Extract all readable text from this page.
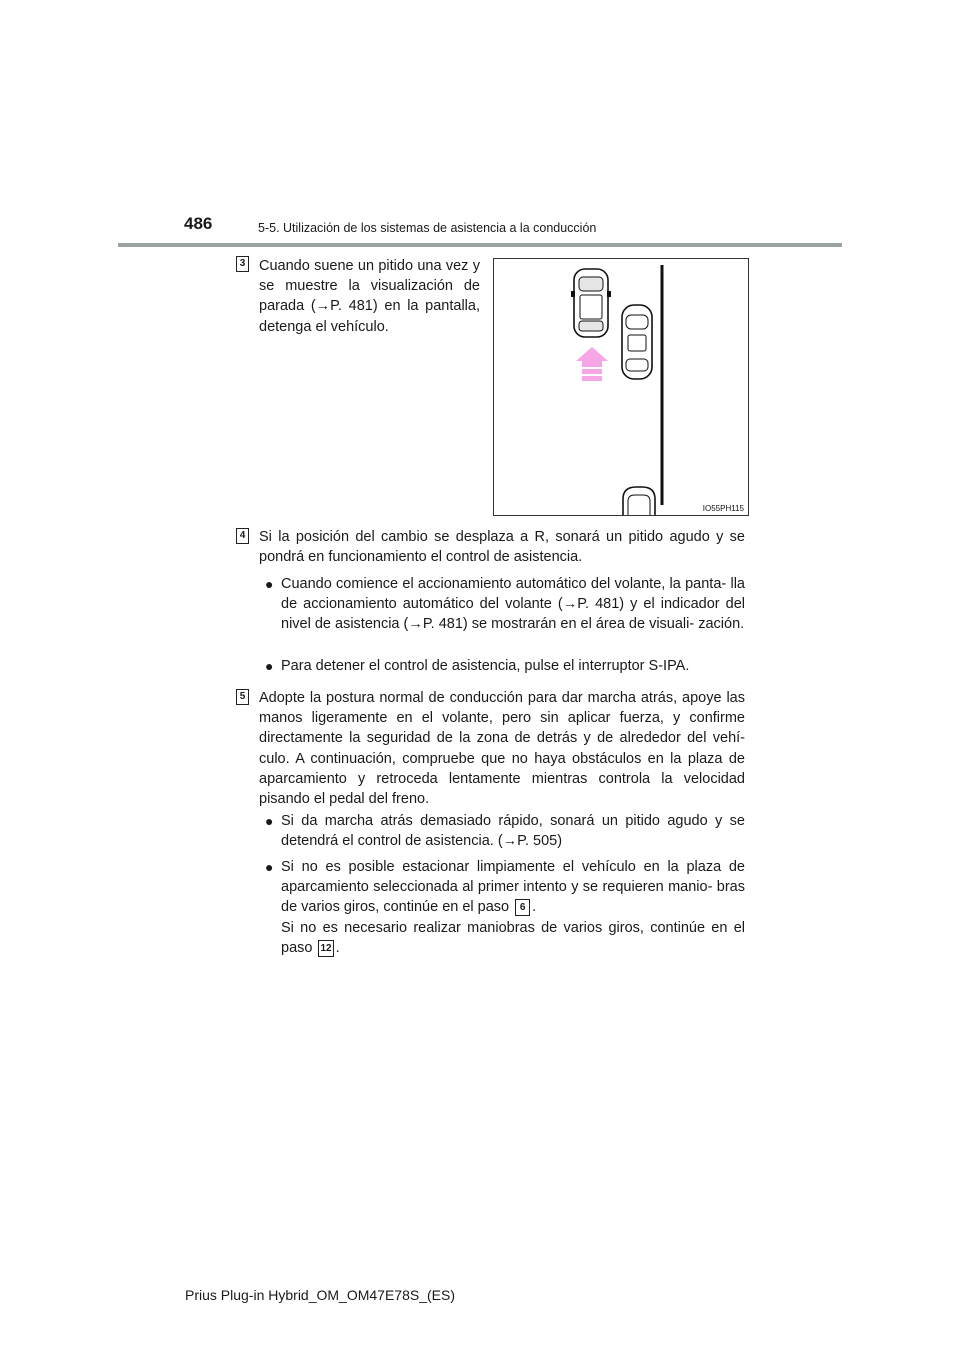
486	5-5. Utilización de los sistemas de asistencia a la conducción
3 Cuando suene un pitido una vez y se muestre la visualización de parada (→P. 481) en la pantalla, detenga el vehículo.
IO55PH115
4 Si la posición del cambio se desplaza a R, sonará un pitido agudo y se pondrá en funcionamiento el control de asistencia.
● Cuando comience el accionamiento automático del volante, la panta- lla de accionamiento automático del volante (→P. 481) y el indicador del nivel de asistencia (→P. 481) se mostrarán en el área de visuali- zación.
● Para detener el control de asistencia, pulse el interruptor S-IPA.
5 Adopte la postura normal de conducción para dar marcha atrás, apoye las manos ligeramente en el volante, pero sin aplicar fuerza, y confirme directamente la seguridad de la zona de detrás y de alrededor del vehí- culo. A continuación, compruebe que no haya obstáculos en la plaza de aparcamiento y retroceda lentamente mientras controla la velocidad pisando el pedal del freno.
● Si da marcha atrás demasiado rápido, sonará un pitido agudo y se detendrá el control de asistencia. (→P. 505)
● Si no es posible estacionar limpiamente el vehículo en la plaza de aparcamiento seleccionada al primer intento y se requieren manio- bras de varios giros, continúe en el paso 6 .
Si no es necesario realizar maniobras de varios giros, continúe en el paso 12 .
Prius Plug-in Hybrid_OM_OM47E78S_(ES)
